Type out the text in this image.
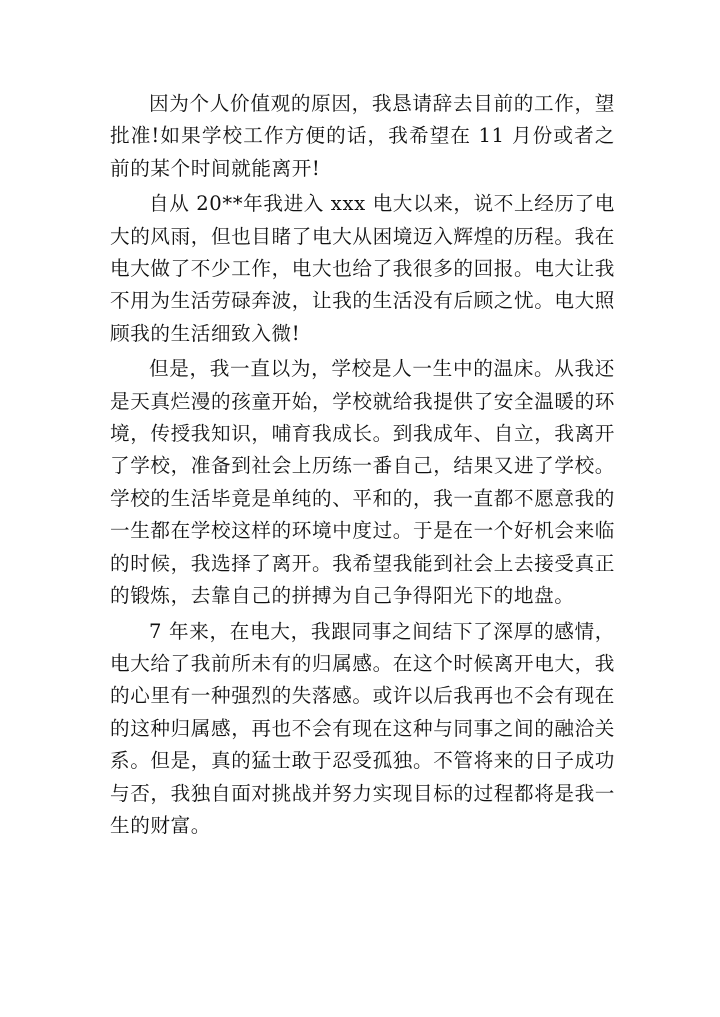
因为个人价值观的原因，我恳请辞去目前的工作，望批准!如果学校工作方便的话，我希望在 11 月份或者之前的某个时间就能离开!

自从 20**年我进入 xxx 电大以来，说不上经历了电大的风雨，但也目睹了电大从困境迈入辉煌的历程。我在电大做了不少工作，电大也给了我很多的回报。电大让我不用为生活劳碌奔波，让我的生活没有后顾之忧。电大照顾我的生活细致入微!

但是，我一直以为，学校是人一生中的温床。从我还是天真烂漫的孩童开始，学校就给我提供了安全温暖的环境，传授我知识，哺育我成长。到我成年、自立，我离开了学校，准备到社会上历练一番自己，结果又进了学校。学校的生活毕竟是单纯的、平和的，我一直都不愿意我的一生都在学校这样的环境中度过。于是在一个好机会来临的时候，我选择了离开。我希望我能到社会上去接受真正的锻炼，去靠自己的拼搏为自己争得阳光下的地盘。

7 年来，在电大，我跟同事之间结下了深厚的感情，电大给了我前所未有的归属感。在这个时候离开电大，我的心里有一种强烈的失落感。或许以后我再也不会有现在的这种归属感，再也不会有现在这种与同事之间的融洽关系。但是，真的猛士敢于忍受孤独。不管将来的日子成功与否，我独自面对挑战并努力实现目标的过程都将是我一生的财富。
